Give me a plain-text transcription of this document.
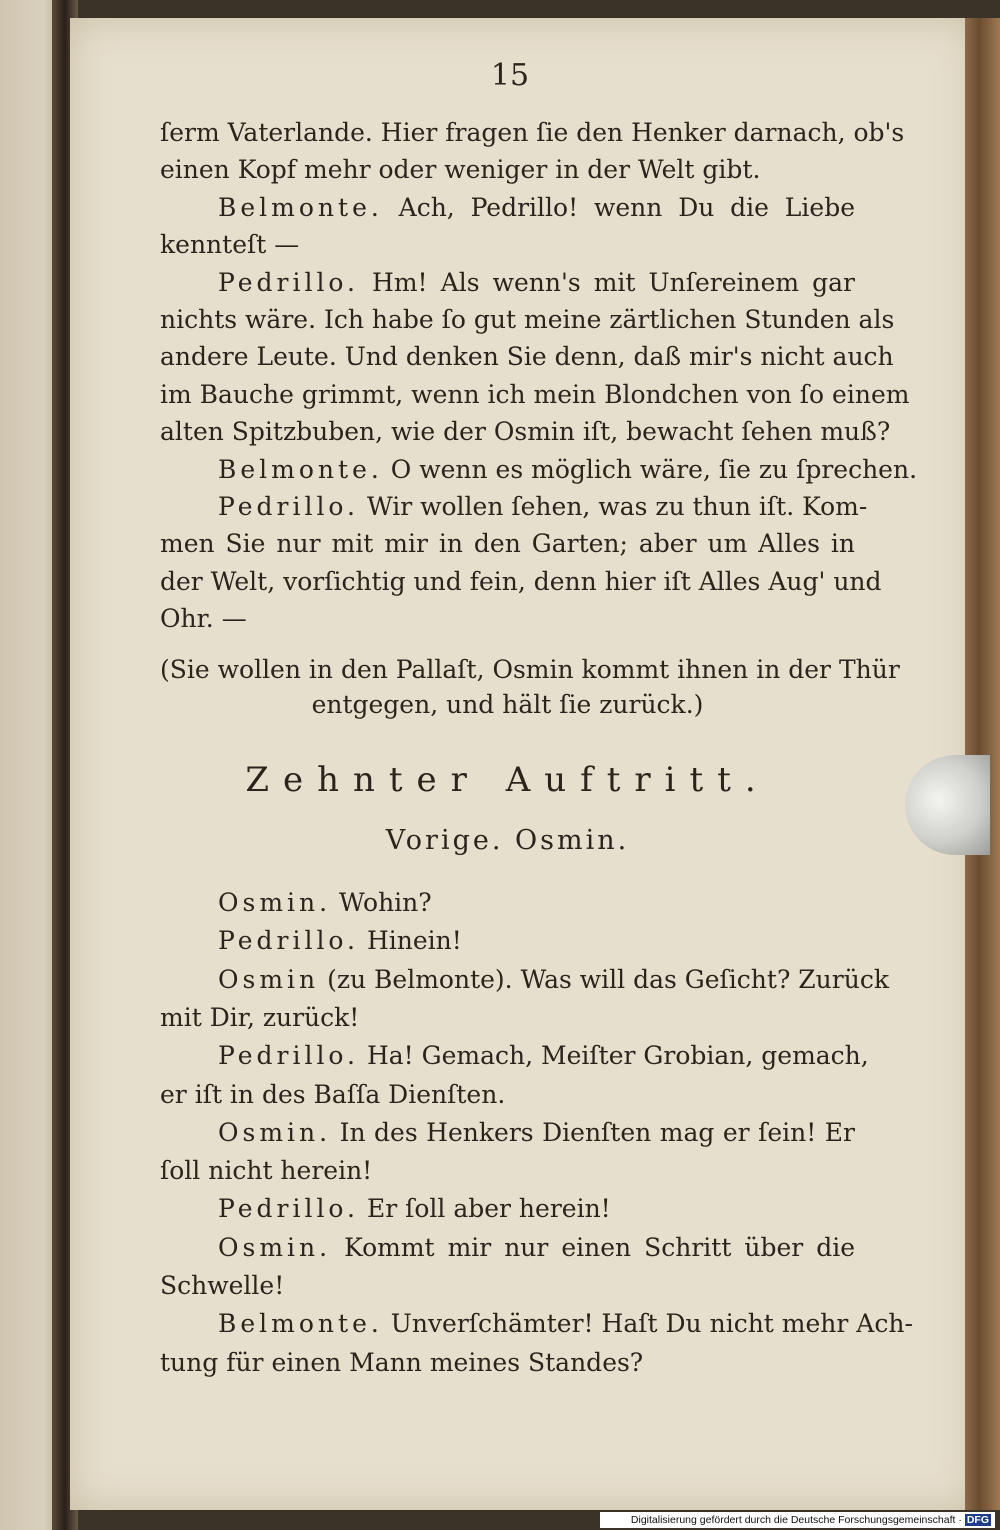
15
ſerm Vaterlande. Hier fragen ſie den Henker darnach, ob's
einen Kopf mehr oder weniger in der Welt gibt.
Belmonte. Ach, Pedrillo! wenn Du die Liebe
kennteſt —
Pedrillo. Hm! Als wenn's mit Unſereinem gar
nichts wäre. Ich habe ſo gut meine zärtlichen Stunden als
andere Leute. Und denken Sie denn, daß mir's nicht auch
im Bauche grimmt, wenn ich mein Blondchen von ſo einem
alten Spitzbuben, wie der Osmin iſt, bewacht ſehen muß?
Belmonte. O wenn es möglich wäre, ſie zu ſprechen.
Pedrillo. Wir wollen ſehen, was zu thun iſt. Kom-
men Sie nur mit mir in den Garten; aber um Alles in
der Welt, vorſichtig und fein, denn hier iſt Alles Aug' und
Ohr. —
(Sie wollen in den Pallaſt, Osmin kommt ihnen in der Thür
entgegen, und hält ſie zurück.)
Zehnter Auftritt.
Vorige. Osmin.
Osmin. Wohin?
Pedrillo. Hinein!
Osmin (zu Belmonte). Was will das Geſicht? Zurück
mit Dir, zurück!
Pedrillo. Ha! Gemach, Meiſter Grobian, gemach,
er iſt in des Baſſa Dienſten.
Osmin. In des Henkers Dienſten mag er ſein! Er
ſoll nicht herein!
Pedrillo. Er ſoll aber herein!
Osmin. Kommt mir nur einen Schritt über die
Schwelle!
Belmonte. Unverſchämter! Haſt Du nicht mehr Ach-
tung für einen Mann meines Standes?
Digitalisierung gefördert durch die Deutsche Forschungsgemeinschaft · DFG
